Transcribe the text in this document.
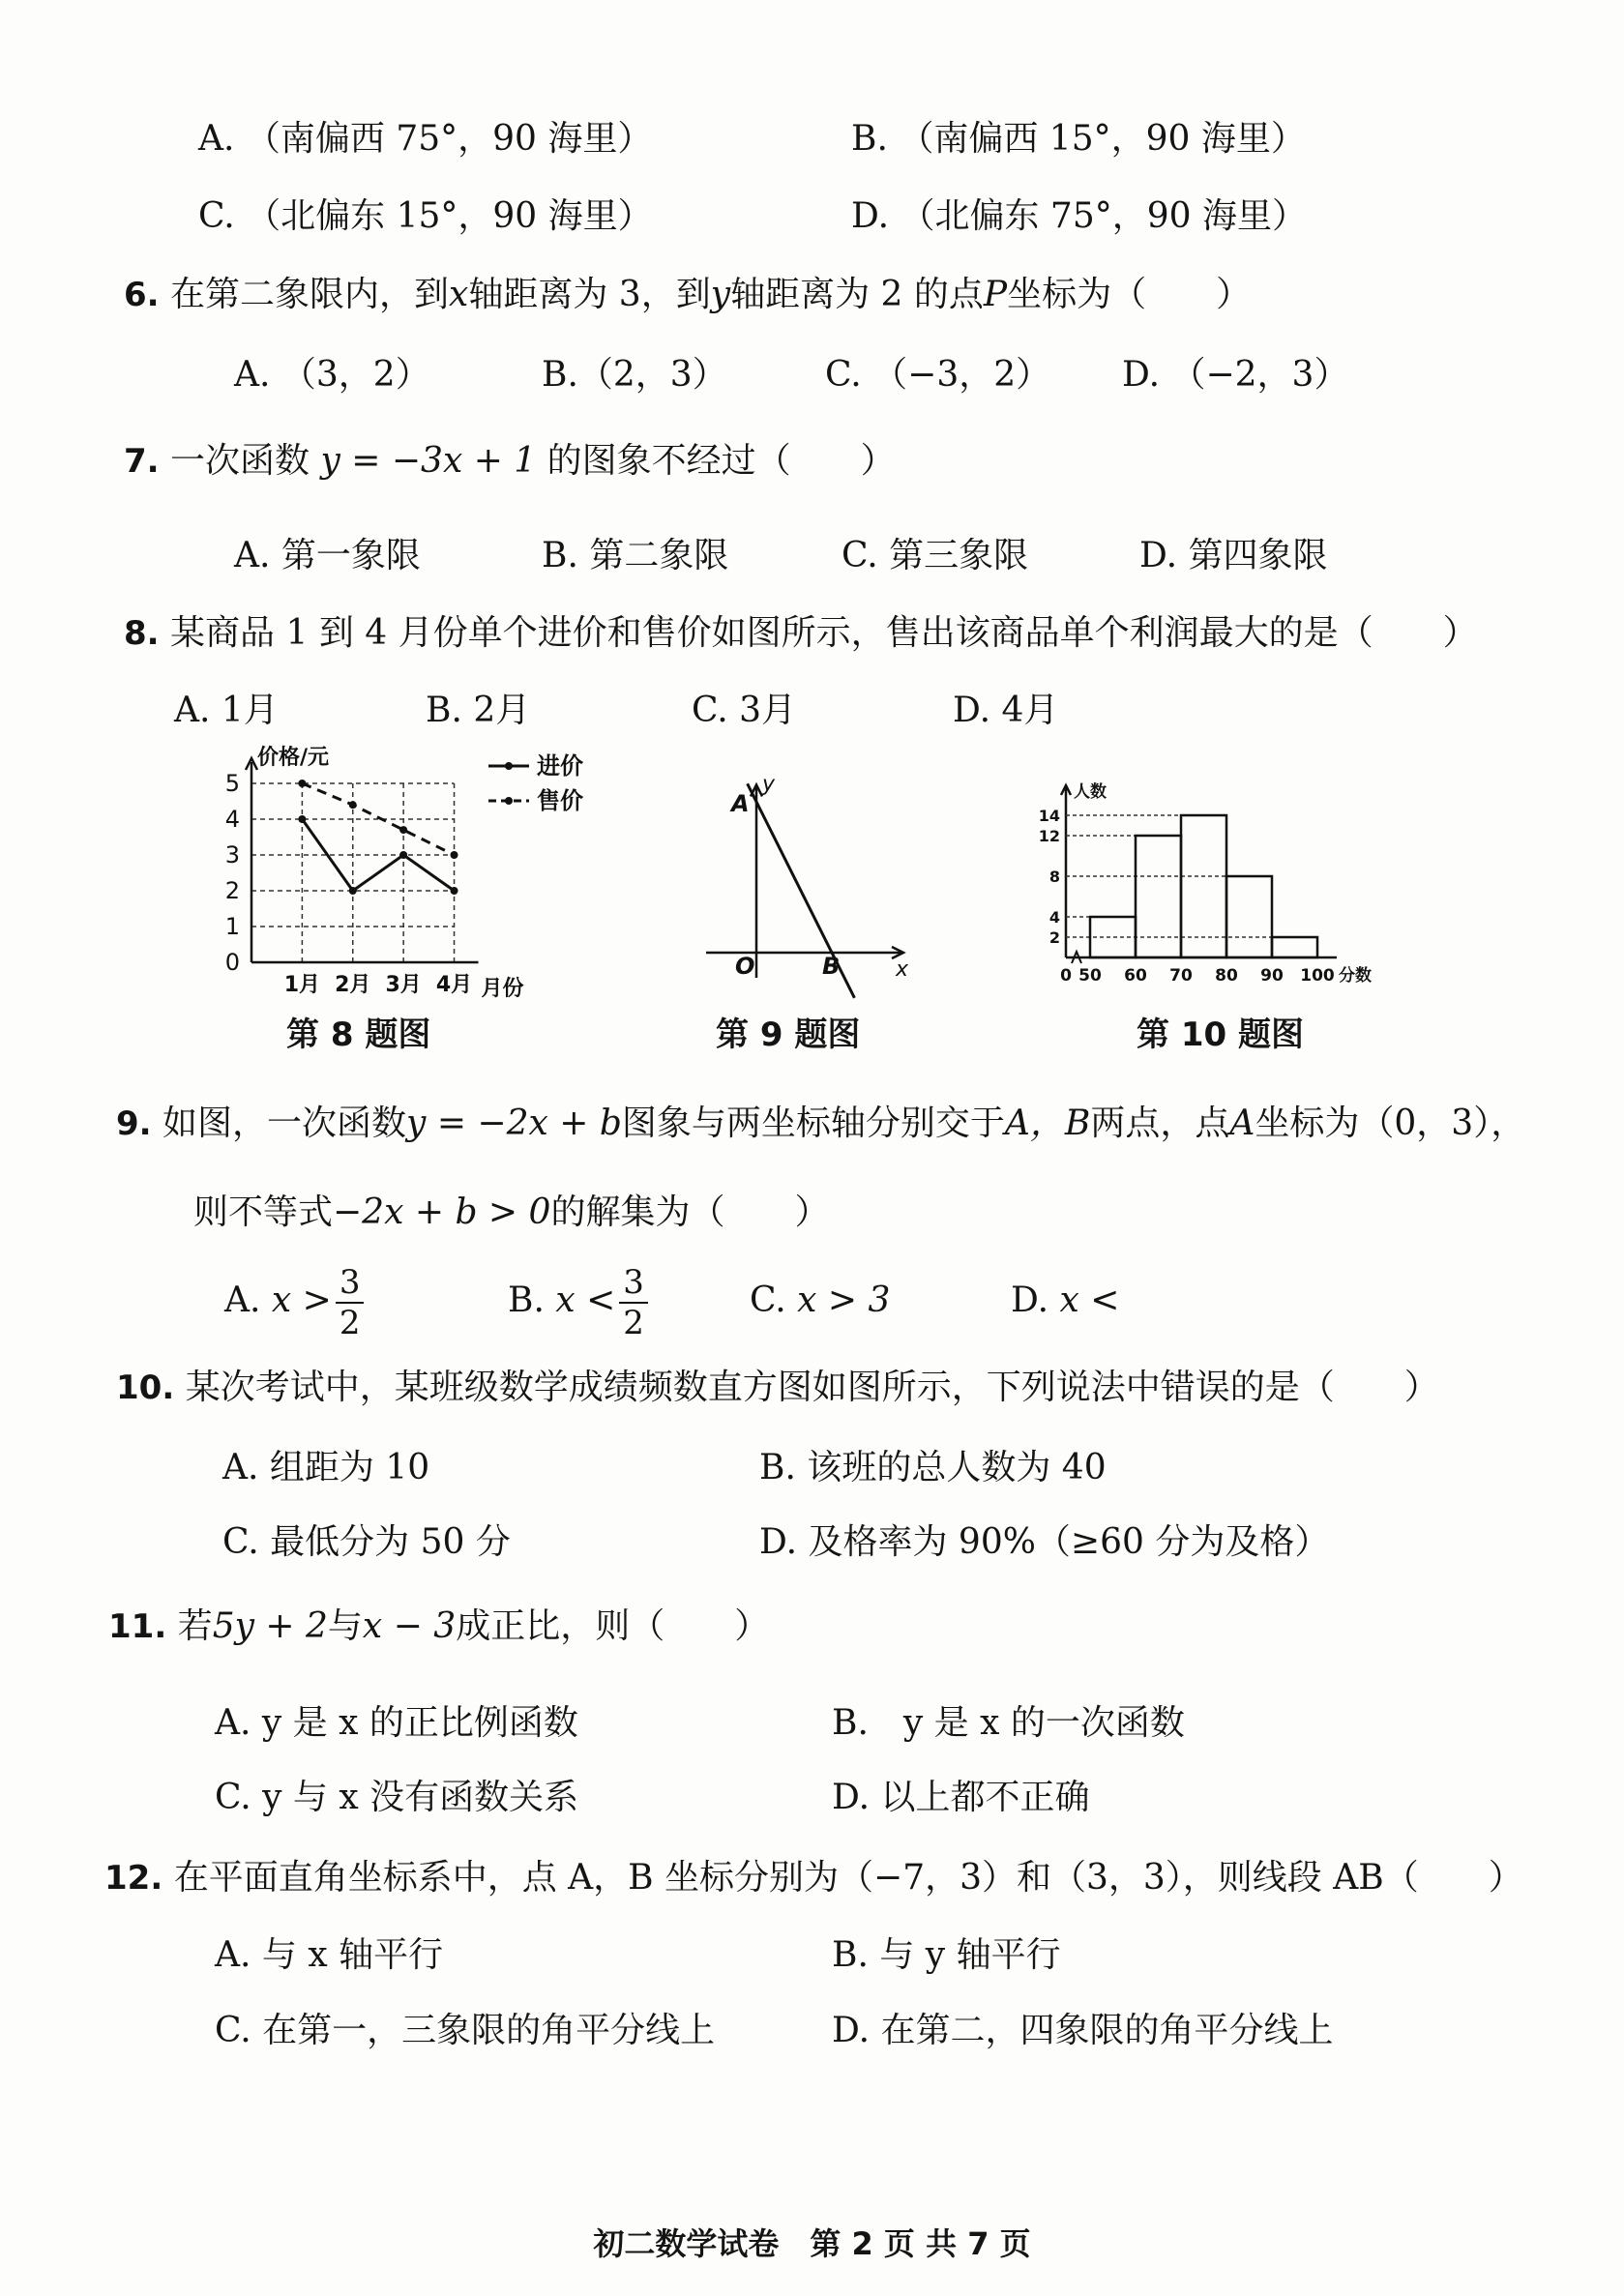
A. （南偏西 75°，90 海里）	B. （南偏西 15°，90 海里）
C. （北偏东 15°，90 海里）	D. （北偏东 75°，90 海里）
6. 在第二象限内，到x轴距离为 3，到y轴距离为 2 的点P坐标为（　　）
A. （3，2）	B.（2，3）	C. （−3，2） D. （−2，3）
7. 一次函数 y = −3x + 1 的图象不经过（　　）
A. 第一象限	B. 第二象限	C. 第三象限	D. 第四象限
8. 某商品 1 到 4 月份单个进价和售价如图所示，售出该商品单个利润最大的是（　　）
A. 1月	B. 2月	C. 3月	D. 4月
0
1
2
3
4
5
1月 2月 3月 4月 月份
价格/元	进价
售价
第 8 题图
O
A
B	x
y
第 9 题图
2
4
8
12
14
0 50 60 70 80 90 100 分数
人数
第 10 题图
9. 如图，一次函数y = −2x + b图象与两坐标轴分别交于A，B两点，点A坐标为（0，3），
则不等式−2x + b > 0的解集为（　　）
A. $x > \frac{3}{2}$	B. $x < \frac{3}{2}$	C. x > 3	D. x <
10. 某次考试中，某班级数学成绩频数直方图如图所示，下列说法中错误的是（　　）
A. 组距为 10	B. 该班的总人数为 40
C. 最低分为 50 分	D. 及格率为 90%（≥60 分为及格）
11. 若5y + 2与x − 3成正比，则（　　）
A. y 是 x 的正比例函数	B.　y 是 x 的一次函数
C. y 与 x 没有函数关系	D. 以上都不正确
12. 在平面直角坐标系中，点 A，B 坐标分别为（−7，3）和（3，3），则线段 AB（　　）
A. 与 x 轴平行	B. 与 y 轴平行
C. 在第一，三象限的角平分线上	D. 在第二，四象限的角平分线上
初二数学试卷　第 2 页 共 7 页
